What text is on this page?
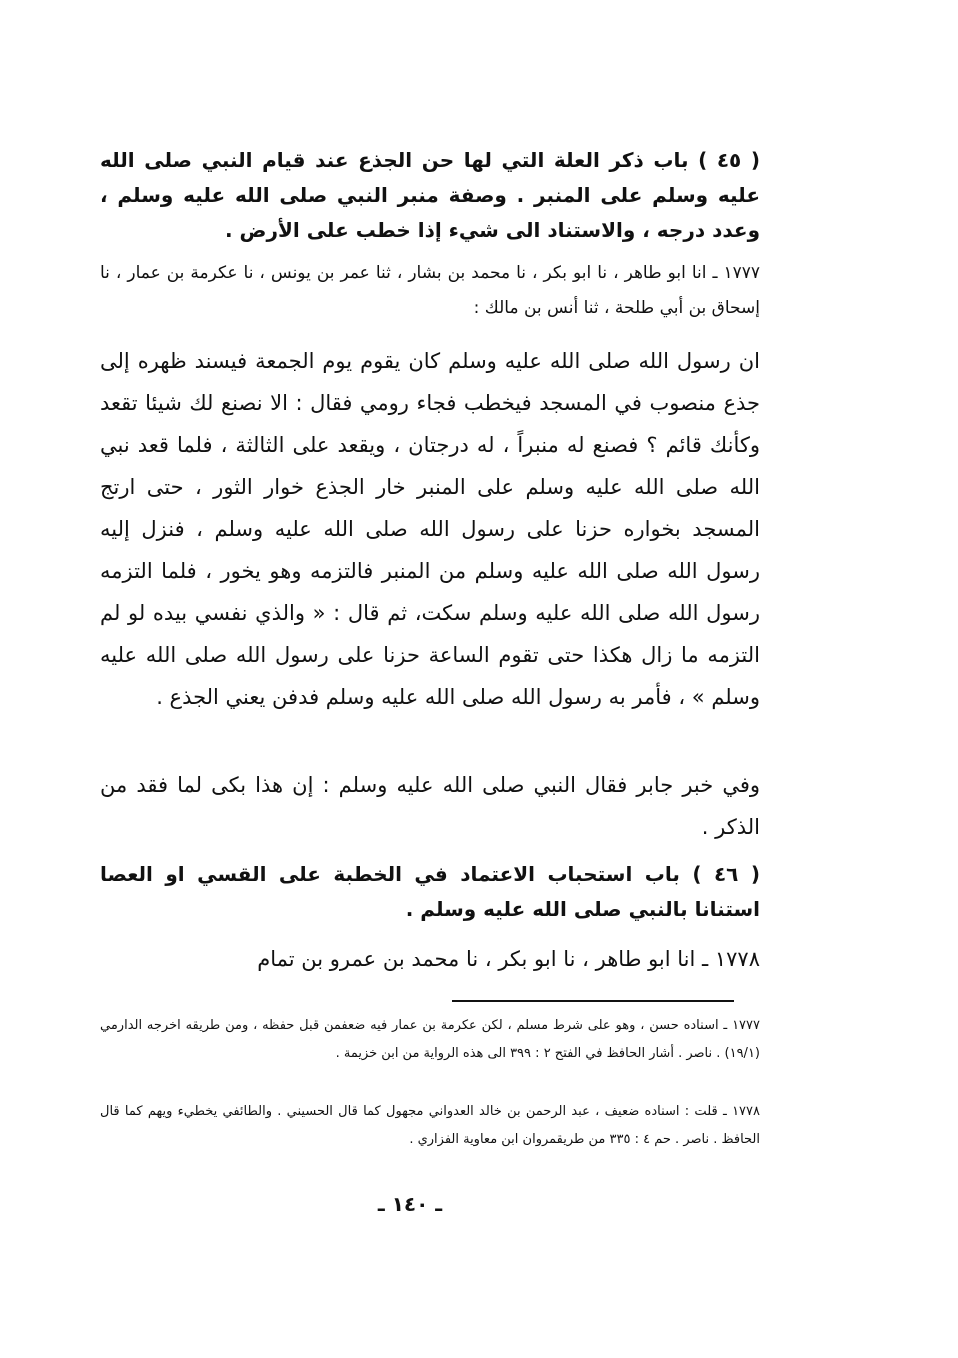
( ٤٥ ) باب ذكر العلة التي لها حن الجذع عند قيام النبي صلى الله عليه وسلم على المنبر . وصفة منبر النبي صلى الله عليه وسلم ، وعدد درجه ، والاستناد الى شيء إذا خطب على الأرض .

١٧٧٧ ـ انا ابو طاهر ، نا ابو بكر ، نا محمد بن بشار ، ثنا عمر بن يونس ، نا عكرمة بن عمار ، نا إسحاق بن أبي طلحة ، ثنا أنس بن مالك :

ان رسول الله صلى الله عليه وسلم كان يقوم يوم الجمعة فيسند ظهره إلى جذع منصوب في المسجد فيخطب فجاء رومي فقال : الا نصنع لك شيئا تقعد وكأنك قائم ؟ فصنع له منبراً ، له درجتان ، ويقعد على الثالثة ، فلما قعد نبي الله صلى الله عليه وسلم على المنبر خار الجذع خوار الثور ، حتى ارتج المسجد بخواره حزنا على رسول الله صلى الله عليه وسلم ، فنزل إليه رسول الله صلى الله عليه وسلم من المنبر فالتزمه وهو يخور ، فلما التزمه رسول الله صلى الله عليه وسلم سكت، ثم قال : « والذي نفسي بيده لو لم التزمه ما زال هكذا حتى تقوم الساعة حزنا على رسول الله صلى الله عليه وسلم » ، فأمر به رسول الله صلى الله عليه وسلم فدفن يعني الجذع .

وفي خبر جابر فقال النبي صلى الله عليه وسلم : إن هذا بكى لما فقد من الذكر .

( ٤٦ ) باب استحباب الاعتماد في الخطبة على القسي او العصا استنانا بالنبي صلى الله عليه وسلم .

١٧٧٨ ـ انا ابو طاهر ، نا ابو بكر ، نا محمد بن عمرو بن تمام

١٧٧٧ ـ اسناده حسن ، وهو على شرط مسلم ، لكن عكرمة بن عمار فيه ضعفمن قبل حفظه ، ومن طريقه اخرجه الدارمي (١٩/١) . ناصر . أشار الحافظ في الفتح ٢ : ٣٩٩ الى هذه الرواية من ابن خزيمة .

١٧٧٨ ـ قلت : اسناده ضعيف ، عبد الرحمن بن خالد العدواني مجهول كما قال الحسيني . والطائفي يخطيء ويهم كما قال الحافظ . ناصر . حم ٤ : ٣٣٥ من طريقمروان ابن معاوية الفزاري .

ـ ١٤٠ ـ
